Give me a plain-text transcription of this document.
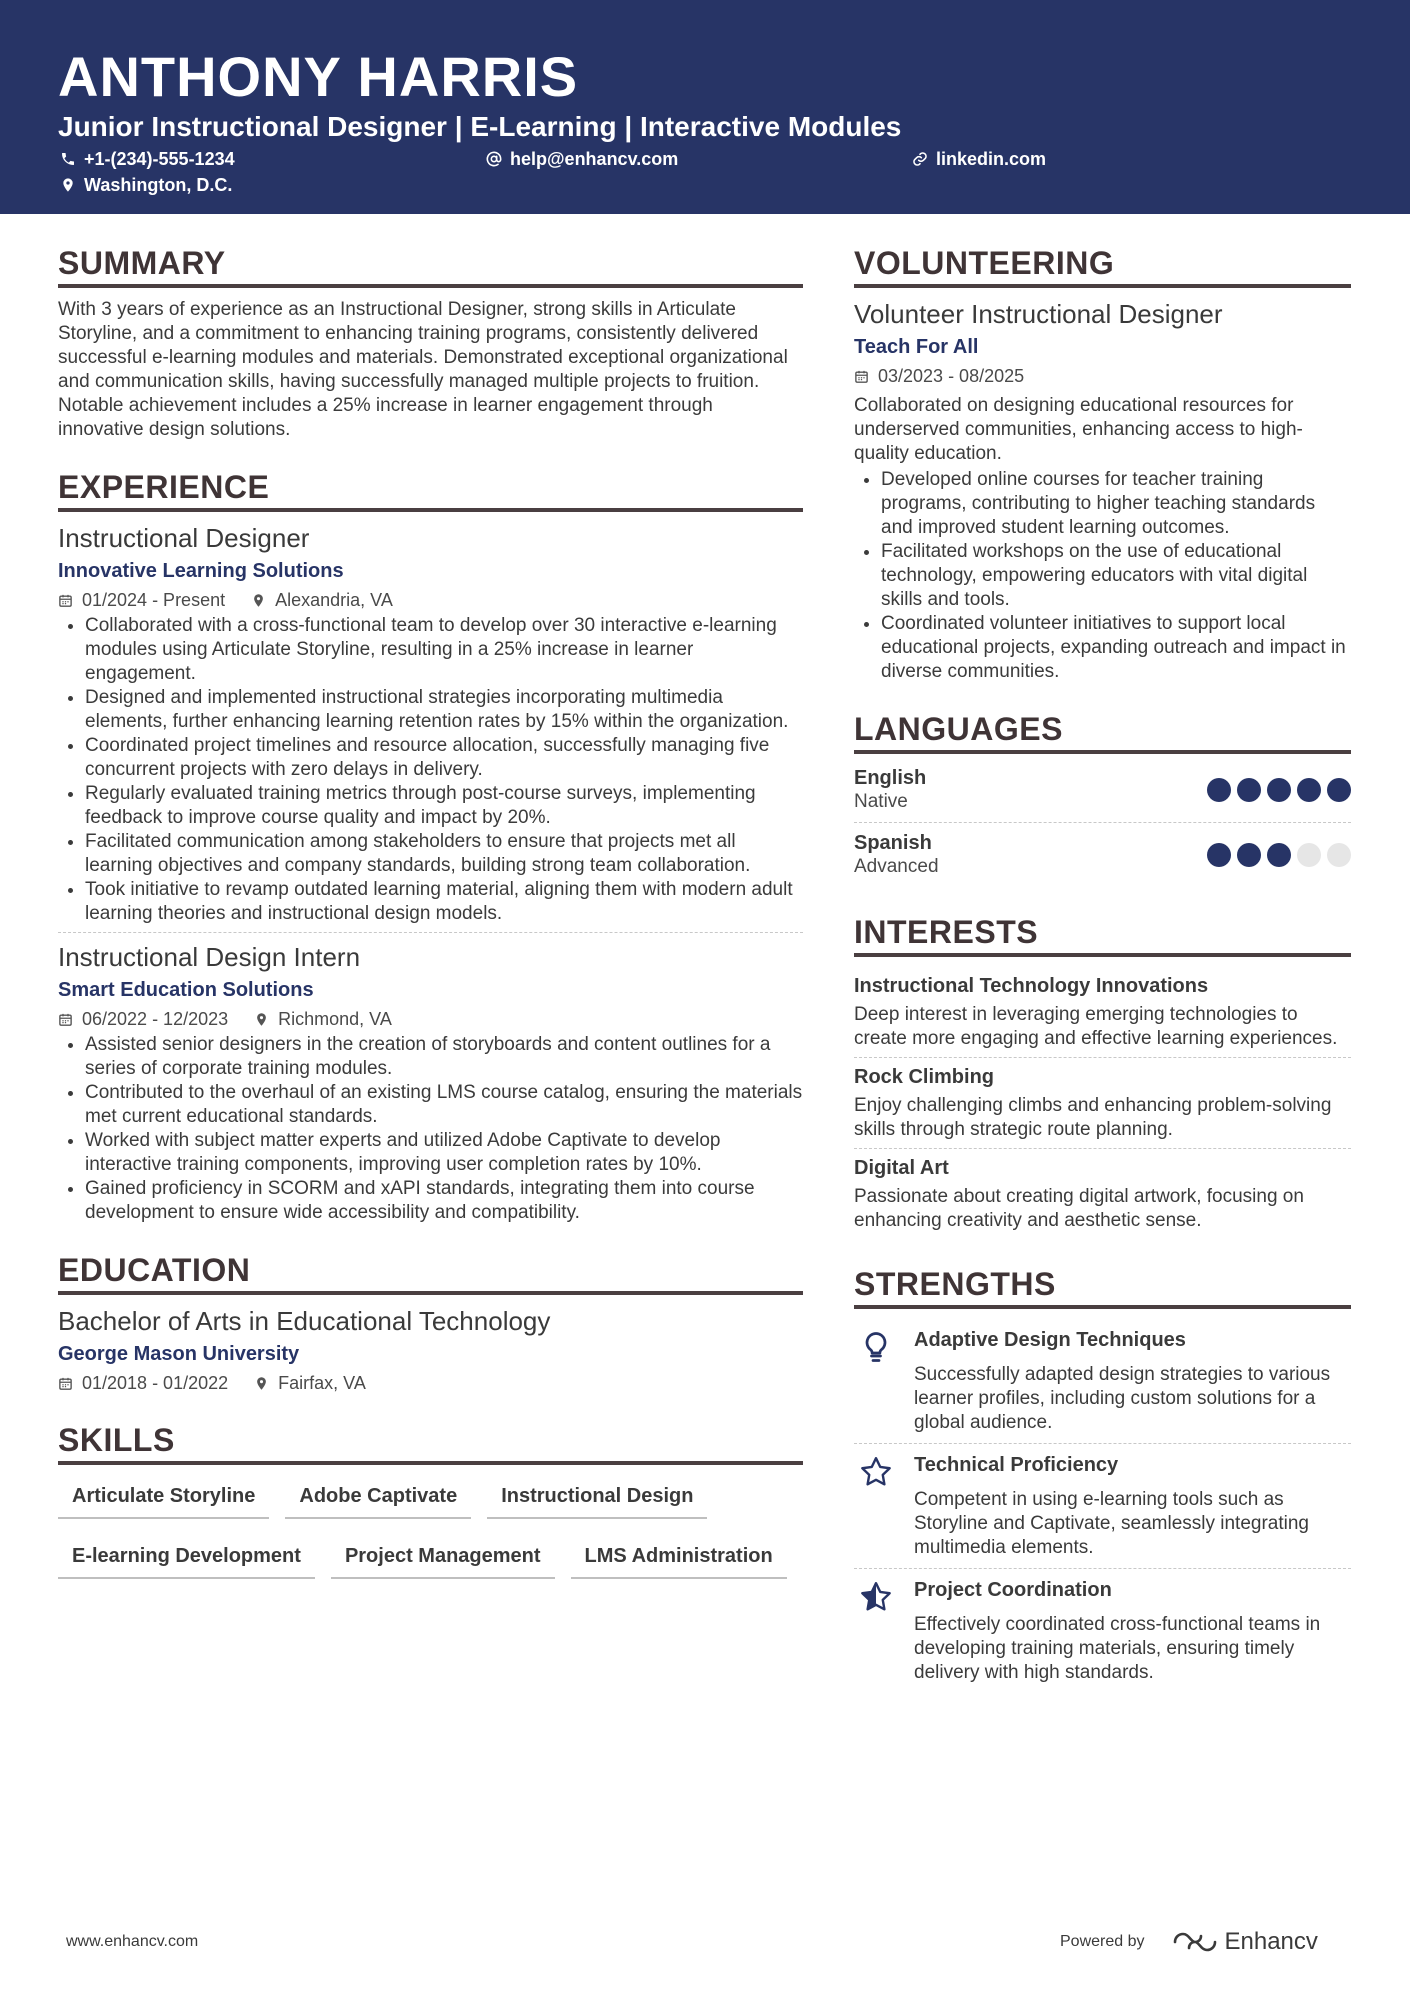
ANTHONY HARRIS
Junior Instructional Designer | E-Learning | Interactive Modules
+1-(234)-555-1234	help@enhancv.com	linkedin.com
Washington, D.C.
SUMMARY
With 3 years of experience as an Instructional Designer, strong skills in Articulate Storyline, and a commitment to enhancing training programs, consistently delivered successful e-learning modules and materials. Demonstrated exceptional organizational and communication skills, having successfully managed multiple projects to fruition. Notable achievement includes a 25% increase in learner engagement through innovative design solutions.
EXPERIENCE
Instructional Designer
Innovative Learning Solutions
01/2024 - Present	Alexandria, VA
• Collaborated with a cross-functional team to develop over 30 interactive e-learning modules using Articulate Storyline, resulting in a 25% increase in learner engagement.
• Designed and implemented instructional strategies incorporating multimedia elements, further enhancing learning retention rates by 15% within the organization.
• Coordinated project timelines and resource allocation, successfully managing five concurrent projects with zero delays in delivery.
• Regularly evaluated training metrics through post-course surveys, implementing feedback to improve course quality and impact by 20%.
• Facilitated communication among stakeholders to ensure that projects met all learning objectives and company standards, building strong team collaboration.
• Took initiative to revamp outdated learning material, aligning them with modern adult learning theories and instructional design models.
Instructional Design Intern
Smart Education Solutions
06/2022 - 12/2023	Richmond, VA
• Assisted senior designers in the creation of storyboards and content outlines for a series of corporate training modules.
• Contributed to the overhaul of an existing LMS course catalog, ensuring the materials met current educational standards.
• Worked with subject matter experts and utilized Adobe Captivate to develop interactive training components, improving user completion rates by 10%.
• Gained proficiency in SCORM and xAPI standards, integrating them into course development to ensure wide accessibility and compatibility.
EDUCATION
Bachelor of Arts in Educational Technology
George Mason University
01/2018 - 01/2022	Fairfax, VA
SKILLS
Articulate Storyline	Adobe Captivate	Instructional Design
E-learning Development	Project Management	LMS Administration
VOLUNTEERING
Volunteer Instructional Designer
Teach For All
03/2023 - 08/2025
Collaborated on designing educational resources for underserved communities, enhancing access to high-quality education.
• Developed online courses for teacher training programs, contributing to higher teaching standards and improved student learning outcomes.
• Facilitated workshops on the use of educational technology, empowering educators with vital digital skills and tools.
• Coordinated volunteer initiatives to support local educational projects, expanding outreach and impact in diverse communities.
LANGUAGES
English
Native
Spanish
Advanced
INTERESTS
Instructional Technology Innovations
Deep interest in leveraging emerging technologies to create more engaging and effective learning experiences.
Rock Climbing
Enjoy challenging climbs and enhancing problem-solving skills through strategic route planning.
Digital Art
Passionate about creating digital artwork, focusing on enhancing creativity and aesthetic sense.
STRENGTHS
Adaptive Design Techniques
Successfully adapted design strategies to various learner profiles, including custom solutions for a global audience.
Technical Proficiency
Competent in using e-learning tools such as Storyline and Captivate, seamlessly integrating multimedia elements.
Project Coordination
Effectively coordinated cross-functional teams in developing training materials, ensuring timely delivery with high standards.
www.enhancv.com	Powered by	Enhancv
